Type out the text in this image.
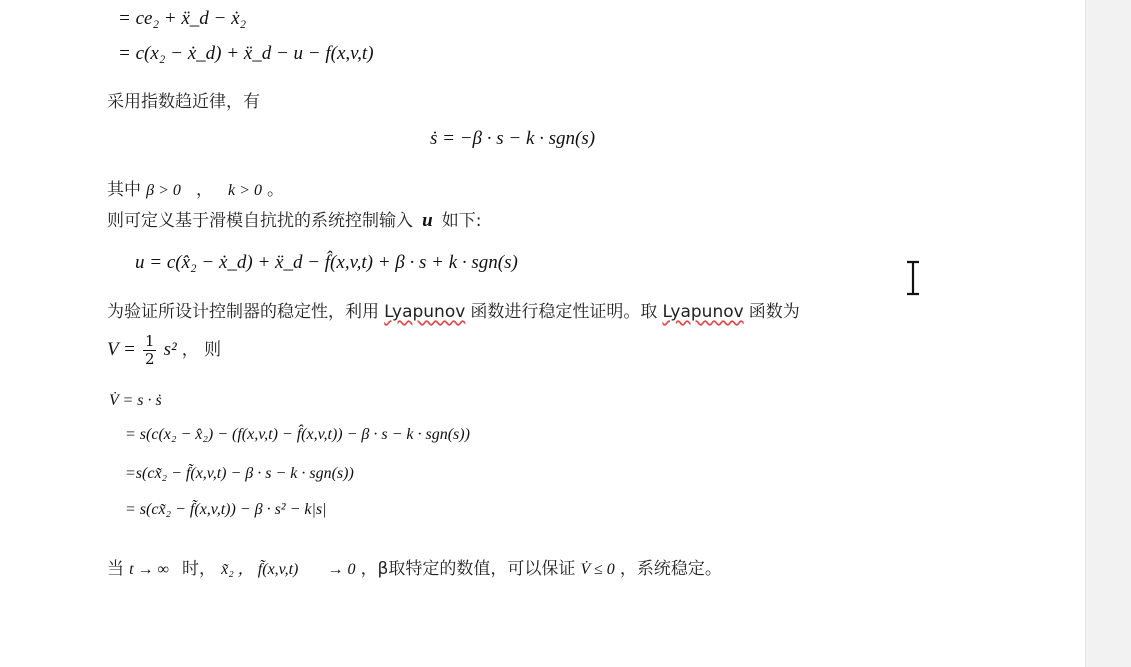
= ce₂ + ẍ_d − ẋ₂
= c(x₂ − ẋ_d) + ẍ_d − u − f(x,v,t)
采用指数趋近律，有
ṡ = −β · s − k · sgn(s)
其中 β > 0 ， k > 0 。
则可定义基于滑模自抗扰的系统控制输入 u 如下:
u = c(x̂₂ − ẋ_d) + ẍ_d − f̂(x,v,t) + β · s + k · sgn(s)
为验证所设计控制器的稳定性，利用 Lyapunov 函数进行稳定性证明。取 Lyapunov 函数为
$V = \frac{1}{2} s^2$ ， 则
V̇ = s · ṡ
= s(c(x₂ − x̂₂) − (f(x,v,t) − f̂(x,v,t)) − β · s − k · sgn(s))
=s(cx̃₂ − f̃(x,v,t) − β · s − k · sgn(s))
= s(cx̃₂ − f̃(x,v,t)) − β · s² − k|s|
当 t → ∞ 时， x̃₂ ， f̃(x,v,t) → 0 ，β取特定的数值，可以保证 V̇ ≤ 0 ，系统稳定。
